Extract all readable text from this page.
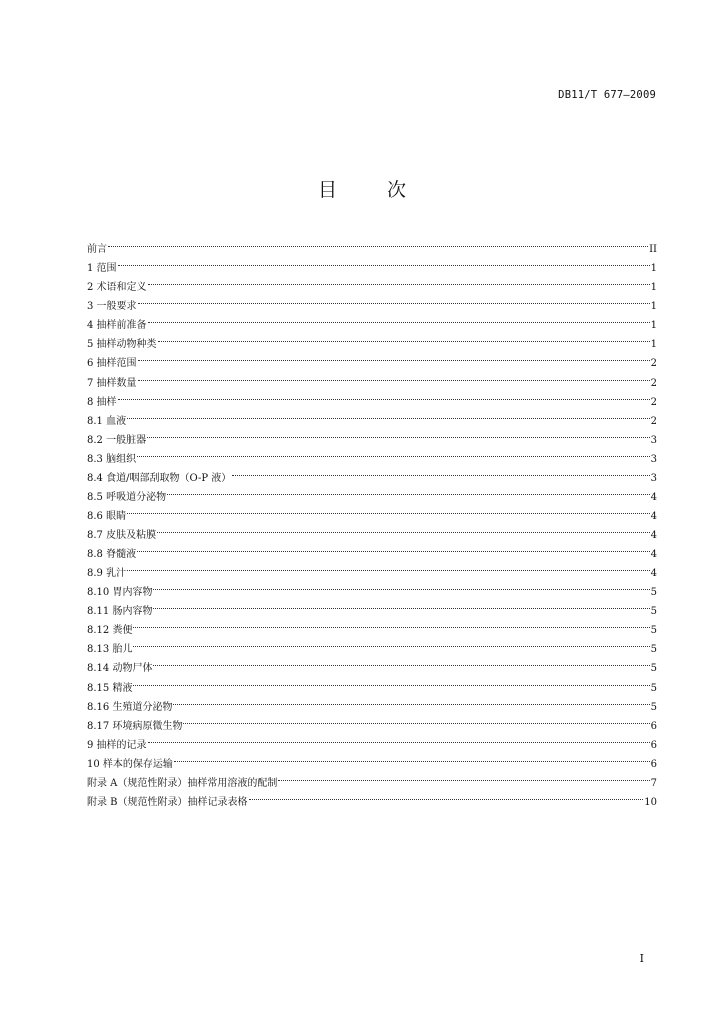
DB11/T 677—2009
目 次
前言	II
1 范围	1
2 术语和定义	1
3 一般要求	1
4 抽样前准备	1
5 抽样动物种类	1
6 抽样范围	2
7 抽样数量	2
8 抽样	2
8.1 血液	2
8.2 一般脏器	3
8.3 脑组织	3
8.4 食道/咽部刮取物（O-P 液）	3
8.5 呼吸道分泌物	4
8.6 眼睛	4
8.7 皮肤及粘膜	4
8.8 脊髓液	4
8.9 乳汁	4
8.10 胃内容物	5
8.11 肠内容物	5
8.12 粪便	5
8.13 胎儿	5
8.14 动物尸体	5
8.15 精液	5
8.16 生殖道分泌物	5
8.17 环境病原微生物	6
9 抽样的记录	6
10 样本的保存运输	6
附录 A（规范性附录）抽样常用溶液的配制	7
附录 B（规范性附录）抽样记录表格	10
I
